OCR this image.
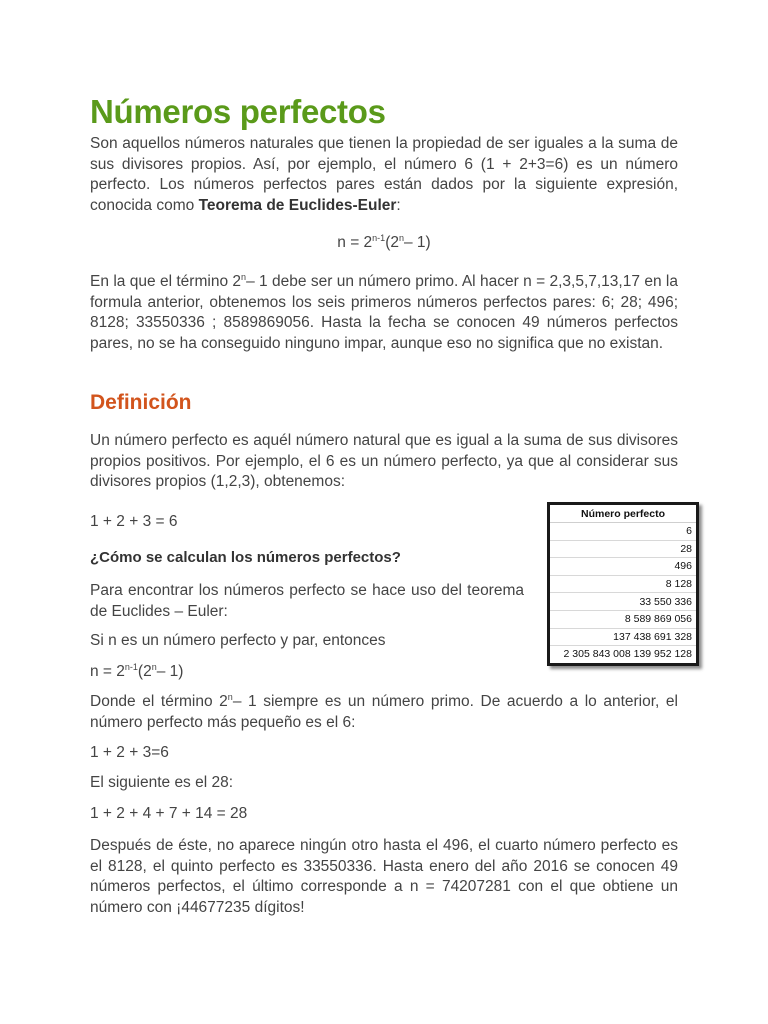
Números perfectos

Son aquellos números naturales que tienen la propiedad de ser iguales a la suma de sus divisores propios. Así, por ejemplo, el número 6 (1 + 2+3=6) es un número perfecto. Los números perfectos pares están dados por la siguiente expresión, conocida como Teorema de Euclides-Euler:

$n = 2^{n-1}(2^n-$ 1)

En la que el término 2$^n$– 1 debe ser un número primo. Al hacer n = 2,3,5,7,13,17 en la formula anterior, obtenemos los seis primeros números perfectos pares: 6; 28; 496; 8128; 33550336 ; 8589869056. Hasta la fecha se conocen 49 números perfectos pares, no se ha conseguido ninguno impar, aunque eso no significa que no existan.

Definición

Un número perfecto es aquél número natural que es igual a la suma de sus divisores propios positivos. Por ejemplo, el 6 es un número perfecto, ya que al considerar sus divisores propios (1,2,3), obtenemos:

1 + 2 + 3 = 6

¿Cómo se calculan los números perfectos?

Para encontrar los números perfecto se hace uso del teorema de Euclides – Euler:

Si n es un número perfecto y par, entonces

$n = 2^{n-1}(2^n-$ 1)

Donde el término 2$^n$– 1 siempre es un número primo. De acuerdo a lo anterior, el número perfecto más pequeño es el 6:

1 + 2 + 3=6

El siguiente es el 28:

1 + 2 + 4 + 7 + 14 = 28

Después de éste, no aparece ningún otro hasta el 496, el cuarto número perfecto es el 8128, el quinto perfecto es 33550336. Hasta enero del año 2016 se conocen 49 números perfectos, el último corresponde a n = 74207281 con el que obtiene un número con ¡44677235 dígitos!

Número perfecto
6
28
496
8 128
33 550 336
8 589 869 056
137 438 691 328
2 305 843 008 139 952 128
